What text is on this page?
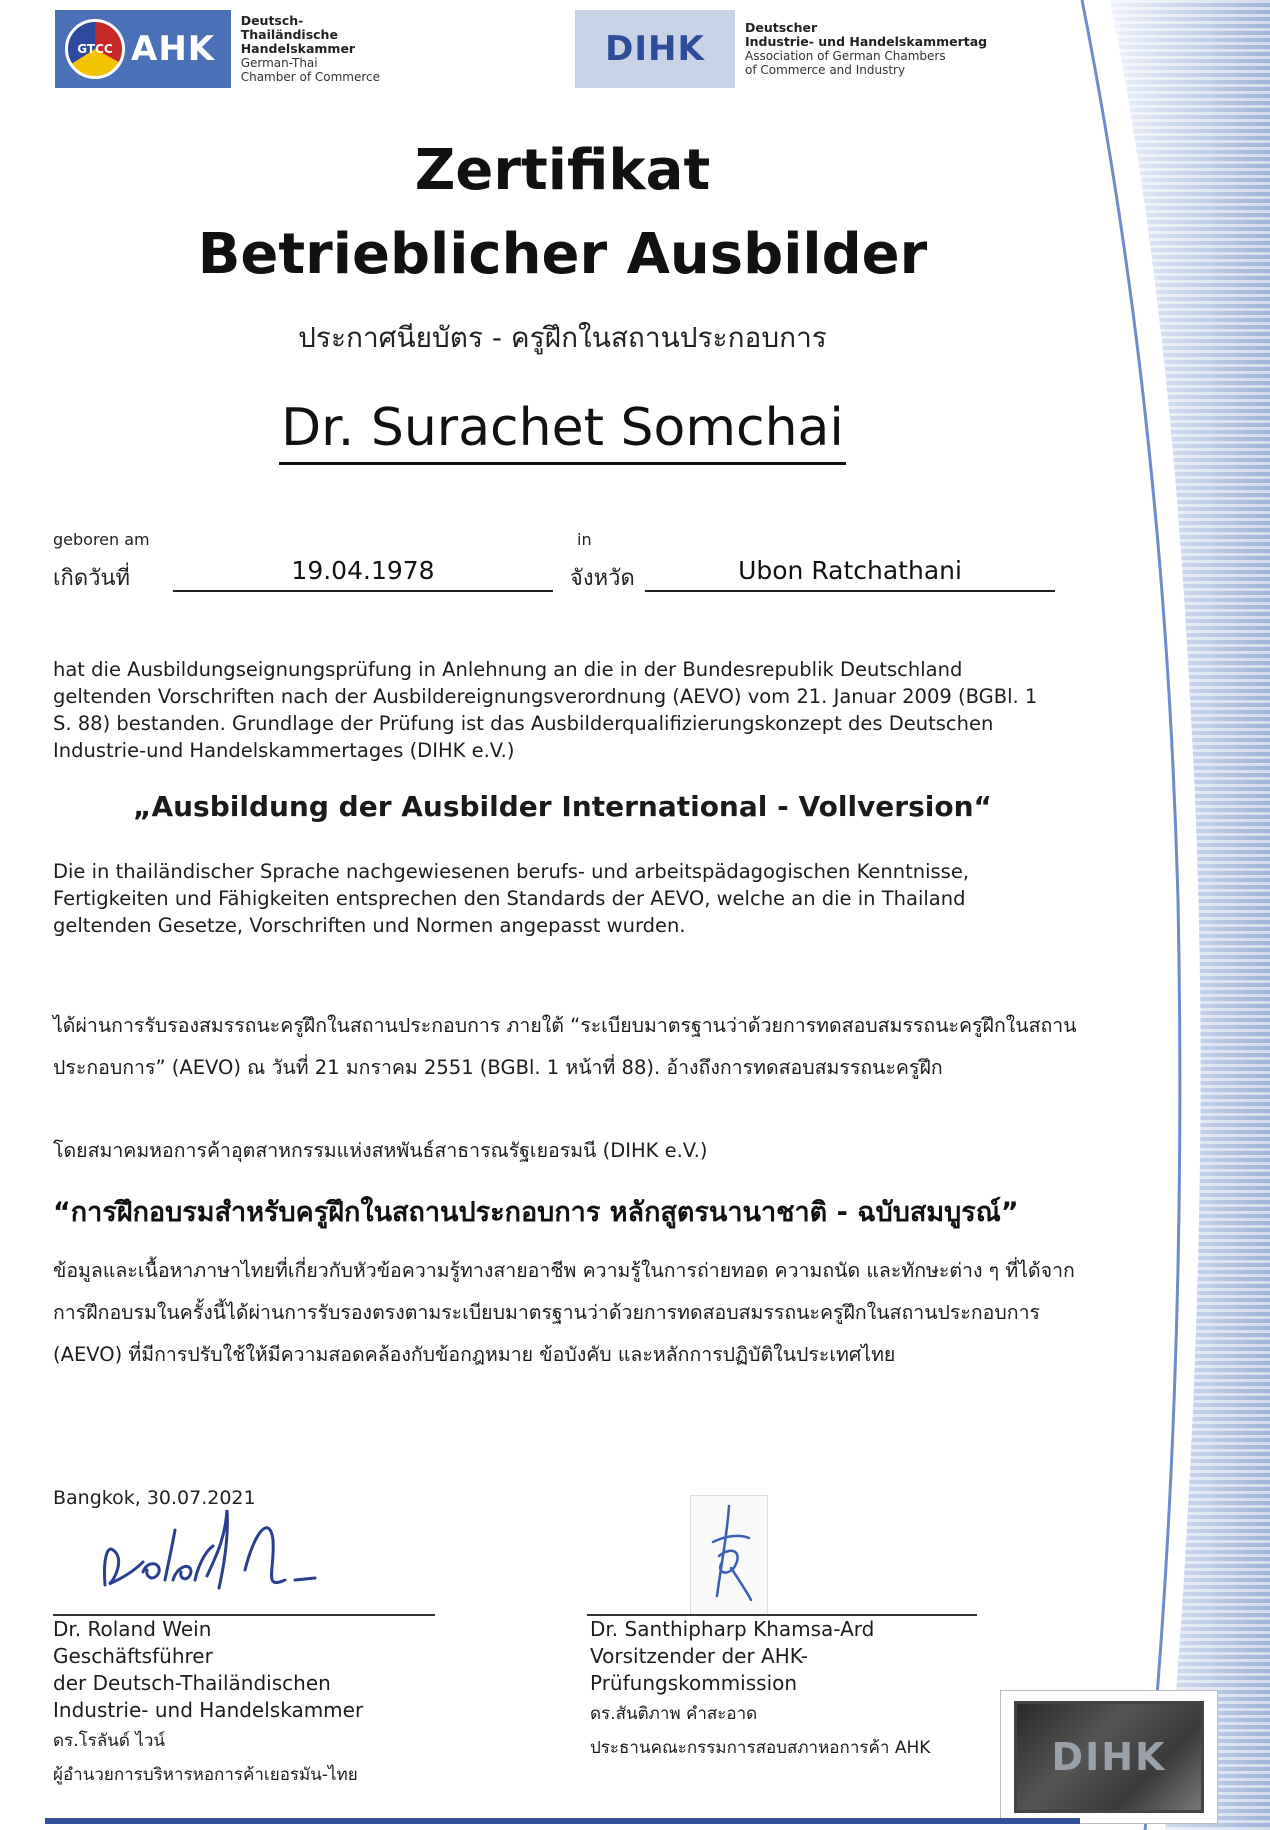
GTCC AHK
Deutsch-Thailändische
Handelskammer
German-Thai
Chamber of Commerce
DIHK
Deutscher
Industrie- und Handelskammertag
Association of German Chambers
of Commerce and Industry
Zertifikat
Betrieblicher Ausbilder
ประกาศนียบัตร - ครูฝึกในสถานประกอบการ
Dr. Surachet Somchai
geboren am
เกิดวันที่	19.04.1978
in
จังหวัด	Ubon Ratchathani
hat die Ausbildungseignungsprüfung in Anlehnung an die in der Bundesrepublik Deutschland geltenden Vorschriften nach der Ausbildereignungsverordnung (AEVO) vom 21. Januar 2009 (BGBl. 1 S. 88) bestanden. Grundlage der Prüfung ist das Ausbilderqualifizierungskonzept des Deutschen Industrie-und Handelskammertages (DIHK e.V.)
„Ausbildung der Ausbilder International - Vollversion“
Die in thailändischer Sprache nachgewiesenen berufs- und arbeitspädagogischen Kenntnisse, Fertigkeiten und Fähigkeiten entsprechen den Standards der AEVO, welche an die in Thailand geltenden Gesetze, Vorschriften und Normen angepasst wurden.
ได้ผ่านการรับรองสมรรถนะครูฝึกในสถานประกอบการ ภายใต้ “ระเบียบมาตรฐานว่าด้วยการทดสอบสมรรถนะครูฝึกในสถานประกอบการ” (AEVO) ณ วันที่ 21 มกราคม 2551 (BGBl. 1 หน้าที่ 88). อ้างถึงการทดสอบสมรรถนะครูฝึก
โดยสมาคมหอการค้าอุตสาหกรรมแห่งสหพันธ์สาธารณรัฐเยอรมนี (DIHK e.V.)
“การฝึกอบรมสำหรับครูฝึกในสถานประกอบการ หลักสูตรนานาชาติ - ฉบับสมบูรณ์”
ข้อมูลและเนื้อหาภาษาไทยที่เกี่ยวกับหัวข้อความรู้ทางสายอาชีพ ความรู้ในการถ่ายทอด ความถนัด และทักษะต่าง ๆ ที่ได้จากการฝึกอบรมในครั้งนี้ได้ผ่านการรับรองตรงตามระเบียบมาตรฐานว่าด้วยการทดสอบสมรรถนะครูฝึกในสถานประกอบการ (AEVO) ที่มีการปรับใช้ให้มีความสอดคล้องกับข้อกฎหมาย ข้อบังคับ และหลักการปฏิบัติในประเทศไทย
Bangkok, 30.07.2021
Dr. Roland Wein
Geschäftsführer
der Deutsch-Thailändischen
Industrie- und Handelskammer
ดร.โรลันด์ ไวน์
ผู้อำนวยการบริหารหอการค้าเยอรมัน-ไทย
Dr. Santhipharp Khamsa-Ard
Vorsitzender der AHK-
Prüfungskommission
ดร.สันติภาพ คำสะอาด
ประธานคณะกรรมการสอบสภาหอการค้า AHK	DIHK
